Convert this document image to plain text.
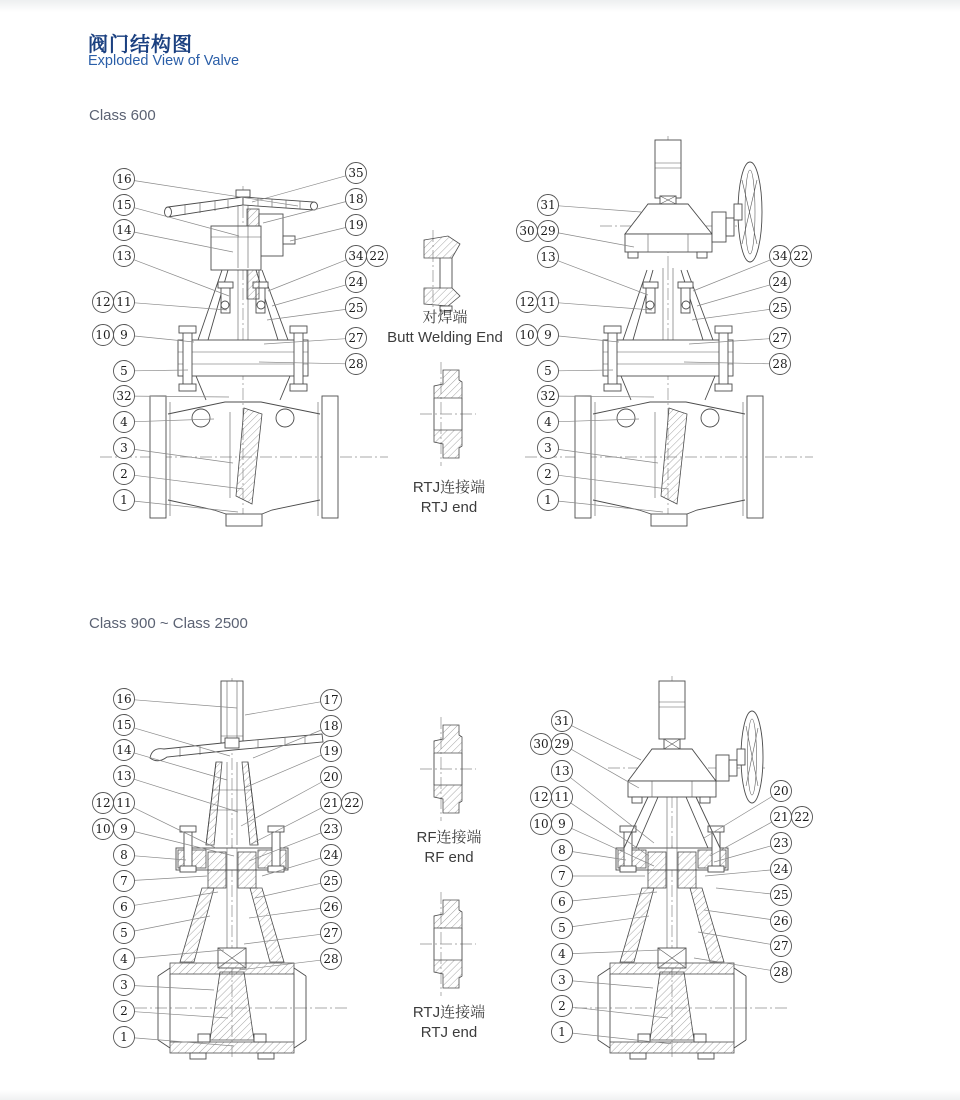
阀门结构图
Exploded View of Valve
Class 600
Class 900 ~ Class 2500
16
15
14
13
12 11
10 9
5
32
4
3
2
1
35
18
19
34 22
24
25
27
28
31
30 29
13
12 11
10 9
5
32
4
3
2
1
34 22
24
25
27
28
16
15
14
13
12 11
10 9
8
7
6
5
4
3
2
1
17
18
19
20
21 22
23
24
25
26
27
28
31
30 29
13
12 11
10 9
8
7
6
5
4
3
2
1
20
21 22
23
24
25
26
27
28
对焊端
Butt Welding End
RTJ连接端
RTJ end
RF连接端
RF end
RTJ连接端
RTJ end
